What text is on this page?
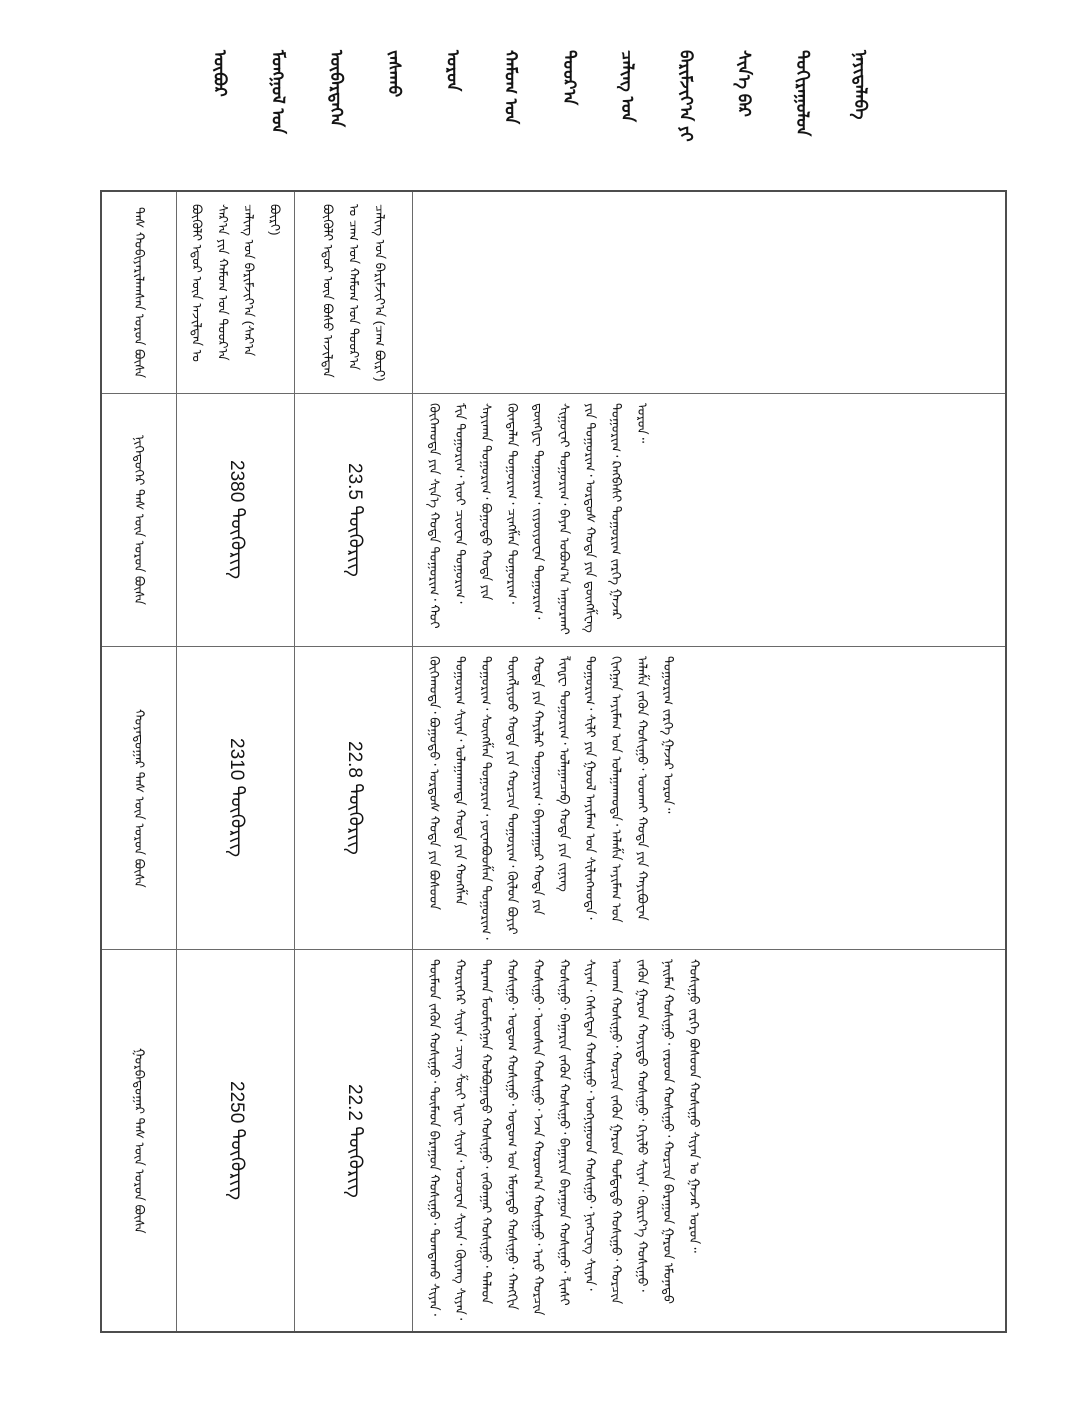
ᠥᠪᠥᠷ ᠮᠣᠩᠭᠣᠯ ᠤᠨ ᠥᠪᠡᠷᠲᠡᠭᠡᠨ ᠵᠠᠰᠠᠬᠤ ᠣᠷᠣᠨ ᠬᠠᠮᠤᠭ ᠤᠨ ᠳᠣᠣᠷ᠎ᠠ ᠴᠠᠯᠢᠩ ᠤᠨ ᠪᠠᠷᠢᠮᠵᠢᠶ᠎ᠠ ᠶᠢ ᠰᠢᠨ᠎ᠡ ᠪᠡᠷ ᠲᠣᠬᠢᠷᠠᠭᠤᠯᠤᠨ ᠨᠡᠶᠢᠲᠡᠯᠡᠪᠡ
ᠲᠡᠰ ᠬᠤᠪᠢᠶᠠᠷᠢᠯᠠᠭᠰᠠᠨ ᠣᠷᠣᠨ ᠪᠦᠰᠡ	ᠪᠦᠬᠦᠯᠢ ᠡᠳᠦᠷ ᠦᠨ ᠠᠵᠢᠯᠲᠠᠨ ᠤ ᠰᠠᠷ᠎ᠠ ᠶᠢᠨ ᠬᠠᠮᠤᠭ ᠤᠨ ᠳᠣᠣᠷ᠎ᠠ ᠴᠠᠯᠢᠩ ᠤᠨ ᠪᠠᠷᠢᠮᠵᠢᠶ᠎ᠠ (ᠰᠠᠷ᠎ᠠ ᠪᠦᠷᠢ)	ᠪᠦᠬᠦᠯᠢ ᠡᠳᠦᠷ ᠦᠨ ᠪᠤᠰᠤ ᠠᠵᠢᠯᠲᠠᠨ ᠤ ᠴᠠᠭ ᠤᠨ ᠬᠠᠮᠤᠭ ᠤᠨ ᠳᠣᠣᠷ᠎ᠠ ᠴᠠᠯᠢᠩ ᠤᠨ ᠪᠠᠷᠢᠮᠵᠢᠶ᠎ᠠ (ᠴᠠᠭ ᠪᠦᠷᠢ)
ᠨᠢᠭᠡᠳᠦᠭᠡᠷ ᠲᠡᠰ ᠦᠨ ᠣᠷᠣᠨ ᠪᠦᠰᠡ	2380 ᠲᠥᠭᠦᠷᠢᠭ	23.5 ᠲᠥᠭᠦᠷᠢᠭ	ᠬᠥᠬᠡᠬᠣᠲᠠ ᠶᠢᠨ ᠰᠢᠨ᠎ᠡ ᠬᠣᠲᠠ ᠲᠣᠭᠣᠷᠢᠭ᠂ ᠬᠤᠢ ᠮᠢᠨ ᠲᠣᠭᠣᠷᠢᠭ᠂ ᠢᠦᠢ ᠴᠢᠤᠸᠠᠨ ᠲᠣᠭᠣᠷᠢᠭ᠂ ᠰᠠᠶᠢᠬᠠᠨ ᠲᠣᠭᠣᠷᠢᠭ᠂ ᠪᠤᠭᠤᠲᠤ ᠬᠣᠲᠠ ᠶᠢᠨ ᠬᠦᠨᠳᠡᠯᠡᠨ ᠲᠣᠭᠣᠷᠢᠭ᠂ ᠴᠢᠩᠱᠠᠨ ᠲᠣᠭᠣᠷᠢᠭ᠂ ᠳ᠋ᠦᠩᠾᠧ ᠲᠣᠭᠣᠷᠢᠭ᠂ ᠵᠢᠶᠦ᠋ᠶᠤᠸᠠᠨ ᠲᠣᠭᠣᠷᠢᠭ᠂ ᠱᠢᠭᠤᠸᠠᠢ ᠲᠣᠭᠣᠷᠢᠭ᠂ ᠪᠠᠶᠠᠨ ᠣᠪᠣᠭ᠎ᠠ ᠠᠭᠤᠷᠬᠠᠢ ᠶᠢᠨ ᠲᠣᠭᠣᠷᠢᠭ᠂ ᠣᠷᠳᠣᠰ ᠬᠣᠲᠠ ᠶᠢᠨ ᠳ᠋ᠦᠩᠱᠧᠩ ᠲᠣᠭᠣᠷᠢᠭ᠂ ᠺᠠᠩᠪᠠᠱᠢ ᠲᠣᠭᠣᠷᠢᠭ ᠵᠡᠷᠭᠡ ᠭᠠᠵᠠᠷ ᠣᠷᠣᠨ᠃
ᠬᠣᠶᠠᠳᠤᠭᠠᠷ ᠲᠡᠰ ᠦᠨ ᠣᠷᠣᠨ ᠪᠦᠰᠡ	2310 ᠲᠥᠭᠦᠷᠢᠭ	22.8 ᠲᠥᠭᠦᠷᠢᠭ	ᠬᠥᠬᠡᠬᠣᠲᠠ᠂ ᠪᠤᠭᠤᠲᠤ᠂ ᠣᠷᠳᠣᠰ ᠬᠣᠲᠠ ᠶᠢᠨ ᠪᠤᠰᠤᠳ ᠲᠣᠭᠣᠷᠢᠭ ᠰᠢᠶᠠᠨ᠂ ᠤᠯᠠᠭᠠᠨᠬᠠᠳᠠ ᠬᠣᠲᠠ ᠶᠢᠨ ᠬᠣᠩᠱᠠᠨ ᠲᠣᠭᠣᠷᠢᠭ᠂ ᠰᠦᠩᠱᠠᠨ ᠲᠣᠭᠣᠷᠢᠭ᠂ ᠶᠤᠸᠠᠨᠪᠣᠣᠱᠠᠨ ᠲᠣᠭᠣᠷᠢᠭ᠂ ᠲᠦᠩᠯᠢᠶᠣᠣ ᠬᠣᠲᠠ ᠶᠢᠨ ᠬᠣᠷᠴᠢᠨ ᠲᠣᠭᠣᠷᠢᠭ᠂ ᠬᠦᠯᠦᠨ ᠪᠤᠶᠢᠷ ᠬᠣᠲᠠ ᠶᠢᠨ ᠬᠠᠶᠢᠯᠠᠷ ᠲᠣᠭᠣᠷᠢᠭ᠂ ᠪᠠᠶᠠᠨᠨᠠᠭᠤᠷ ᠬᠣᠲᠠ ᠶᠢᠨ ᠯᠢᠨᠾᠧ ᠲᠣᠭᠣᠷᠢᠭ᠂ ᠤᠯᠠᠭᠠᠨᠴᠠᠪ ᠬᠣᠲᠠ ᠶᠢᠨ ᠵᠢᠨᠢᠩ ᠲᠣᠭᠣᠷᠢᠭ᠂ ᠰᠢᠯᠢ ᠶᠢᠨ ᠭᠣᠣᠯ ᠠᠶᠢᠮᠠᠭ ᠤᠨ ᠰᠢᠯᠢᠩᠬᠣᠲᠠ᠂ ᠬᠢᠩᠭᠠᠨ ᠠᠶᠢᠮᠠᠭ ᠤᠨ ᠤᠯᠠᠭᠠᠨᠬᠣᠲᠠ᠂ ᠠᠯᠠᠱᠠ ᠠᠶᠢᠮᠠᠭ ᠤᠨ ᠠᠯᠠᠱᠠ ᠵᠡᠭᠦᠨ ᠬᠣᠰᠢᠭᠤ᠂ ᠤᠤᠬᠠᠢ ᠬᠣᠲᠠ ᠶᠢᠨ ᠬᠠᠶᠢᠪᠣᠸᠠᠨ ᠲᠣᠭᠣᠷᠢᠭ ᠵᠡᠷᠭᠡ ᠭᠠᠵᠠᠷ ᠣᠷᠣᠨ᠃
ᠭᠤᠷᠪᠠᠳᠤᠭᠠᠷ ᠲᠡᠰ ᠦᠨ ᠣᠷᠣᠨ ᠪᠦᠰᠡ	2250 ᠲᠥᠭᠦᠷᠢᠭ	22.2 ᠲᠥᠭᠦᠷᠢᠭ	ᠲᠦᠮᠡᠳ ᠵᠡᠭᠦᠨ ᠬᠣᠰᠢᠭᠤ᠂ ᠲᠦᠮᠡᠳ ᠪᠠᠷᠠᠭᠤᠨ ᠬᠣᠰᠢᠭᠤ᠂ ᠲᠣᠭᠲᠠᠬᠤ ᠰᠢᠶᠠᠨ᠂ ᠬᠣᠷᠢᠨᠭᠡᠷ ᠰᠢᠶᠠᠨ᠂ ᠴᠢᠩ ᠱᠦᠢ ᠾᠧ ᠰᠢᠶᠠᠨ᠂ ᠤᠴᠤᠸᠠᠨ ᠰᠢᠶᠠᠨ᠂ ᠭᠦ᠋ᠶᠠᠩ ᠰᠢᠶᠠᠨ᠂ ᠳᠠᠷᠬᠠᠨ ᠮᠤᠤᠮᠢᠩᠭᠠᠨ ᠬᠣᠯᠪᠣᠭᠠᠲᠤ ᠬᠣᠰᠢᠭᠤ᠂ ᠵᠡᠭᠦᠨᠭᠠᠷ ᠬᠣᠰᠢᠭᠤ᠂ ᠳᠠᠯᠠᠳ ᠬᠣᠰᠢᠭᠤ᠂ ᠣᠲᠣᠭ ᠬᠣᠰᠢᠭᠤ᠂ ᠣᠲᠣᠭ ᠤᠨ ᠡᠮᠦᠨᠡᠲᠦ ᠬᠣᠰᠢᠭᠤ᠂ ᠬᠠᠩᠭᠢᠨ ᠬᠣᠰᠢᠭᠤ᠂ ᠦᠦᠰᠢᠨ ᠬᠣᠰᠢᠭᠤ᠂ ᠡᠵᠡᠨ ᠬᠣᠷᠣᠭ᠎ᠠ ᠬᠣᠰᠢᠭᠤ᠂ ᠠᠷᠤ ᠬᠣᠷᠴᠢᠨ ᠬᠣᠰᠢᠭᠤ᠂ ᠪᠠᠭᠠᠷᠢᠨ ᠵᠡᠭᠦᠨ ᠬᠣᠰᠢᠭᠤ᠂ ᠪᠠᠭᠠᠷᠢᠨ ᠪᠠᠷᠠᠭᠤᠨ ᠬᠣᠰᠢᠭᠤ᠂ ᠯᠢᠨᠰᠢ ᠰᠢᠶᠠᠨ᠂ ᠬᠡᠰᠢᠭᠲᠡᠨ ᠬᠣᠰᠢᠭᠤ᠂ ᠣᠩᠨᠢᠭᠤᠳ ᠬᠣᠰᠢᠭᠤ᠂ ᠨᠢᠩᠴᠧᠩ ᠰᠢᠶᠠᠨ᠂ ᠠᠣᠬᠠᠨ ᠬᠣᠰᠢᠭᠤ᠂ ᠬᠣᠷᠴᠢᠨ ᠵᠡᠭᠦᠨ ᠭᠠᠷᠤᠨ ᠳᠤᠮᠳᠠᠳᠤ ᠬᠣᠰᠢᠭᠤ᠂ ᠬᠣᠷᠴᠢᠨ ᠵᠡᠭᠦᠨ ᠭᠠᠷᠤᠨ ᠬᠣᠶᠢᠲᠤ ᠬᠣᠰᠢᠭᠤ᠂ ᠺᠠᠶᠢᠯᠦ ᠰᠢᠶᠠᠨ᠂ ᠬᠦᠷᠢᠶ᠎ᠡ ᠬᠣᠰᠢᠭᠤ᠂ ᠨᠠᠢᠮᠠᠨ ᠬᠣᠰᠢᠭᠤ᠂ ᠵᠠᠷᠤᠳ ᠬᠣᠰᠢᠭᠤ᠂ ᠬᠣᠷᠴᠢᠨ ᠪᠠᠷᠠᠭᠤᠨ ᠭᠠᠷᠤᠨ ᠡᠮᠦᠨᠡᠲᠦ ᠬᠣᠰᠢᠭᠤ ᠵᠡᠷᠭᠡ ᠪᠤᠰᠤᠳ ᠬᠣᠰᠢᠭᠤ ᠰᠢᠶᠠᠨ ᠤ ᠭᠠᠵᠠᠷ ᠣᠷᠣᠨ᠃
